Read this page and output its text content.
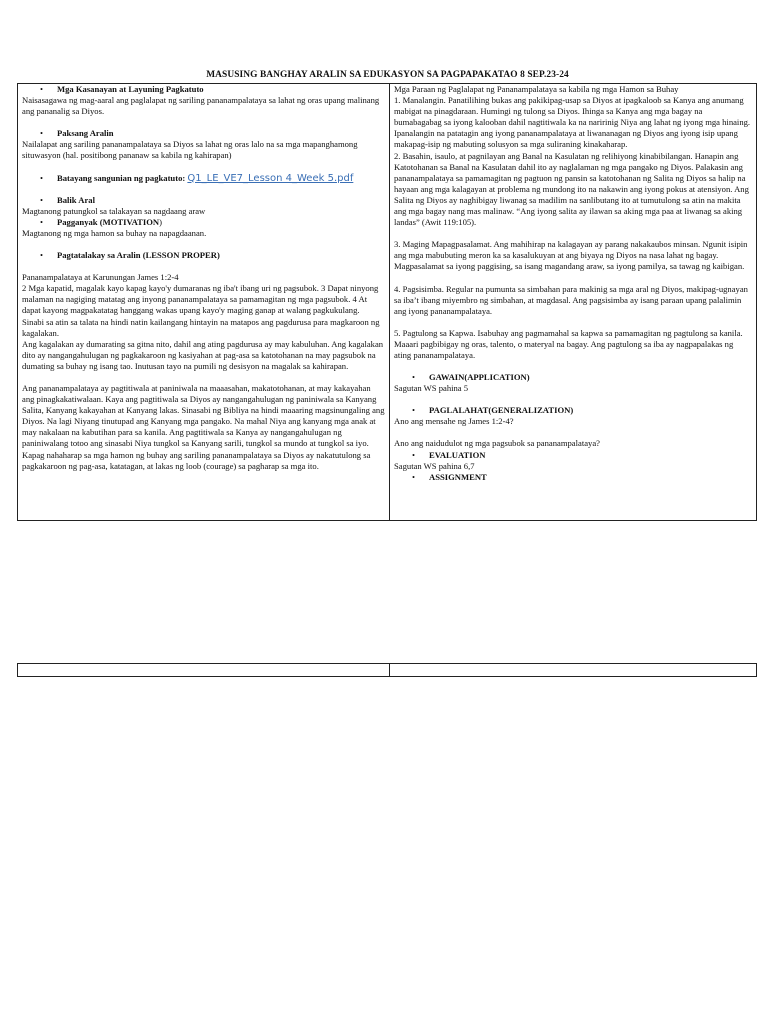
MASUSING BANGHAY ARALIN SA EDUKASYON SA PAGPAPAKATAO 8 SEP.23-24
• Mga Kasanayan at Layuning Pagkatuto

Naisasagawa ng mag-aaral ang paglalapat ng sariling pananampalataya sa lahat ng oras upang malinang ang pananalig sa Diyos.

• Paksang Aralin

Nailalapat ang sariling pananampalataya sa Diyos sa lahat ng oras lalo na sa mga mapanghamong situwasyon (hal. positibong pananaw sa kabila ng kahirapan)

• Batayang sangunian ng pagkatuto: Q1_LE_VE7_Lesson 4_Week 5.pdf
• Balik Aral

Magtanong patungkol sa talakayan sa nagdaang araw

• Pagganyak (MOTIVATION)

Magtanong ng mga hamon sa buhay na napagdaanan.

• Pagtatalakay sa Aralin (LESSON PROPER)

Pananampalataya at Karunungan James 1:2-4

2 Mga kapatid, magalak kayo kapag kayo'y dumaranas ng iba't ibang uri ng pagsubok. 3 Dapat ninyong malaman na nagiging matatag ang inyong pananampalataya sa pamamagitan ng mga pagsubok. 4 At dapat kayong magpakatatag hanggang wakas upang kayo'y maging ganap at walang pagkukulang.

Sinabi sa atin sa talata na hindi natin kailangang hintayin na matapos ang pagdurusa para magkaroon ng kagalakan.

Ang kagalakan ay dumarating sa gitna nito, dahil ang ating pagdurusa ay may kabuluhan. Ang kagalakan dito ay nangangahulugan ng pagkakaroon ng kasiyahan at pag-asa sa katotohanan na may pagsubok na dumating sa buhay ng isang tao. Inutusan tayo na pumili ng desisyon na magalak sa kahirapan.

Ang pananampalataya ay pagtitiwala at paniniwala na maaasahan, makatotohanan, at may kakayahan ang pinagkakatiwalaan. Kaya ang pagtitiwala sa Diyos ay nangangahulugan ng paniniwala sa Kanyang Salita, Kanyang kakayahan at Kanyang lakas. Sinasabi ng Bibliya na hindi maaaring magsinungaling ang Diyos. Na lagi Niyang tinutupad ang Kanyang mga pangako. Na mahal Niya ang kanyang mga anak at may nakalaan na kabutihan para sa kanila. Ang pagtitiwala sa Kanya ay nangangahulugan ng paniniwalang totoo ang sinasabi Niya tungkol sa Kanyang sarili, tungkol sa mundo at tungkol sa iyo. Kapag nahaharap sa mga hamon ng buhay ang sariling pananampalataya sa Diyos ay nakatutulong sa pagkakaroon ng pag-asa, katatagan, at lakas ng loob (courage) sa pagharap sa mga ito.

Mga Paraan ng Paglalapat ng Pananampalataya sa kabila ng mga Hamon sa Buhay

1. Manalangin. Panatilihing bukas ang pakikipag-usap sa Diyos at ipagkaloob sa Kanya ang anumang mabigat na pinagdaraan. Humingi ng tulong sa Diyos. Ihinga sa Kanya ang mga bagay na bumabagabag sa iyong kalooban dahil nagtitiwala ka na naririnig Niya ang lahat ng iyong mga hinaing. Ipanalangin na patatagin ang iyong pananampalataya at liwananagan ng Diyos ang iyong isip upang makapag-isip ng mabuting solusyon sa mga suliraning kinakaharap.

2. Basahin, isaulo, at pagnilayan ang Banal na Kasulatan ng relihiyong kinabibilangan. Hanapin ang Katotohanan sa Banal na Kasulatan dahil ito ay naglalaman ng mga pangako ng Diyos. Palakasin ang pananampalataya sa pamamagitan ng pagtuon ng pansin sa katotohanan ng Salita ng Diyos sa halip na hayaan ang mga kalagayan at problema ng mundong ito na nakawin ang iyong pokus at atensiyon. Ang Salita ng Diyos ay naghibigay liwanag sa madilim na sanlibutang ito at tumutulong sa atin na makita ang mga bagay nang mas malinaw. “Ang iyong salita ay ilawan sa aking mga paa at liwanag sa aking landas” (Awit 119:105).

3. Maging Mapagpasalamat. Ang mahihirap na kalagayan ay parang nakakaubos minsan. Ngunit isipin ang mga mabubuting meron ka sa kasalukuyan at ang biyaya ng Diyos na nasa lahat ng bagay. Magpasalamat sa iyong paggising, sa isang magandang araw, sa iyong pamilya, sa tawag ng kaibigan.

4. Pagsisimba. Regular na pumunta sa simbahan para makinig sa mga aral ng Diyos, makipag-ugnayan sa iba’t ibang miyembro ng simbahan, at magdasal. Ang pagsisimba ay isang paraan upang palalimin ang iyong pananampalataya.

5. Pagtulong sa Kapwa. Isabuhay ang pagmamahal sa kapwa sa pamamagitan ng pagtulong sa kanila. Maaari pagbibigay ng oras, talento, o materyal na bagay. Ang pagtulong sa iba ay nagpapalakas ng ating pananampalataya.

• GAWAIN(APPLICATION)

Sagutan WS pahina 5

• PAGLALAHAT(GENERALIZATION)

Ano ang mensahe ng James 1:2-4?

Ano ang naidudulot ng mga pagsubok sa pananampalataya?

• EVALUATION

Sagutan WS pahina 6,7

• ASSIGNMENT
